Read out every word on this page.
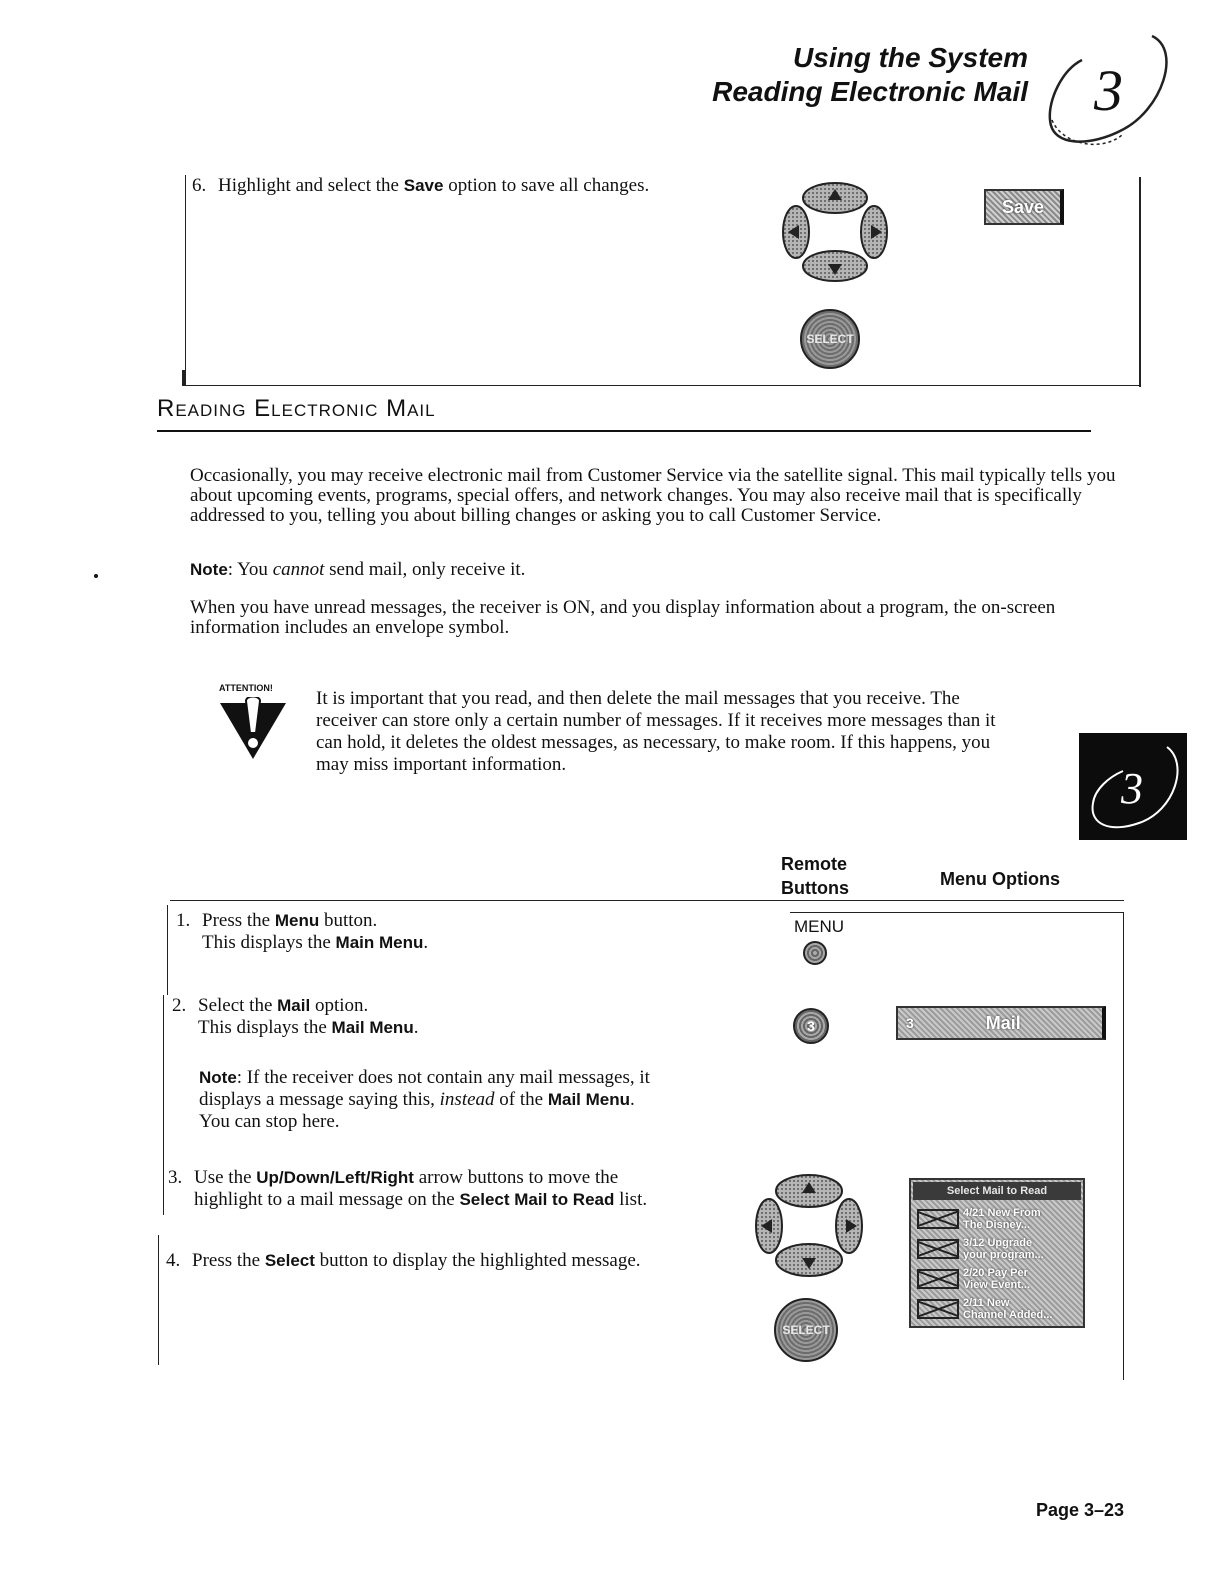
Using the System
Reading Electronic Mail 3
6. Highlight and select the Save option to save all changes.
Save
SELECT
Reading Electronic Mail
Occasionally, you may receive electronic mail from Customer Service via the satellite signal. This mail typically tells you about upcoming events, programs, special offers, and network changes. You may also receive mail that is specifically addressed to you, telling you about billing changes or asking you to call Customer Service.
Note: You cannot send mail, only receive it.
When you have unread messages, the receiver is ON, and you display information about a program, the on-screen information includes an envelope symbol.
ATTENTION! It is important that you read, and then delete the mail messages that you receive. The receiver can store only a certain number of messages. If it receives more messages than it can hold, it deletes the oldest messages, as necessary, to make room. If this happens, you may miss important information.	3
Remote
Buttons	Menu Options
1. Press the Menu button.
This displays the Main Menu.
MENU
2. Select the Mail option.
This displays the Mail Menu.	3	3	Mail
Note: If the receiver does not contain any mail messages, it
displays a message saying this, instead of the Mail Menu.
You can stop here.
3. Use the Up/Down/Left/Right arrow buttons to move the
highlight to a mail message on the Select Mail to Read list.
4. Press the Select button to display the highlighted message.
SELECT
Select Mail to Read
4/21 New From
The Disney...
3/12 Upgrade
your program...
2/20 Pay Per
View Event...
2/11 New
Channel Added...
Page 3–23
